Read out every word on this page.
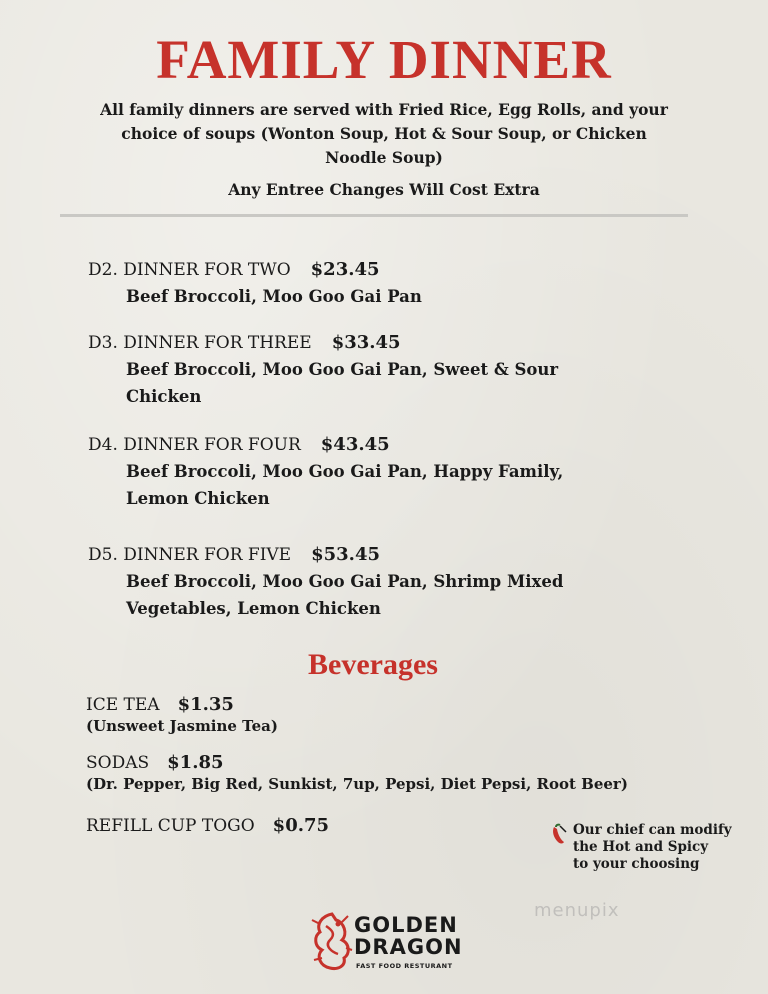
FAMILY DINNER
All family dinners are served with Fried Rice, Egg Rolls, and your
choice of soups (Wonton Soup, Hot & Sour Soup, or Chicken
Noodle Soup)
Any Entree Changes Will Cost Extra
D2. DINNER FOR TWO $23.45
Beef Broccoli, Moo Goo Gai Pan
D3. DINNER FOR THREE $33.45
Beef Broccoli, Moo Goo Gai Pan, Sweet & Sour
Chicken
D4. DINNER FOR FOUR $43.45
Beef Broccoli, Moo Goo Gai Pan, Happy Family,
Lemon Chicken
D5. DINNER FOR FIVE $53.45
Beef Broccoli, Moo Goo Gai Pan, Shrimp Mixed
Vegetables, Lemon Chicken
Beverages
ICE TEA $1.35
(Unsweet Jasmine Tea)
SODAS $1.85
(Dr. Pepper, Big Red, Sunkist, 7up, Pepsi, Diet Pepsi, Root Beer)
REFILL CUP TOGO $0.75	Our chief can modify
the Hot and Spicy
to your choosing
menupix
GOLDEN
DRAGON
FAST FOOD RESTURANT
